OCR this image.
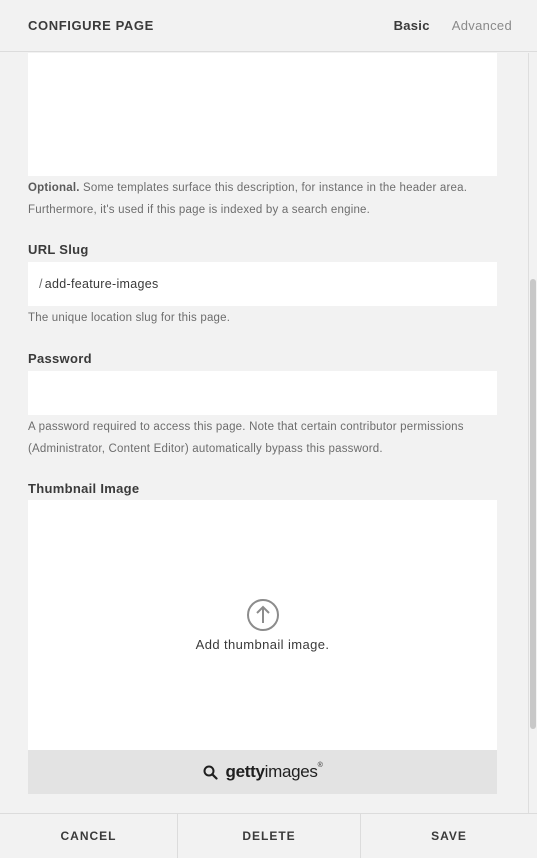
CONFIGURE PAGE	Basic Advanced

Optional. Some templates surface this description, for instance in the header area. Furthermore, it's used if this page is indexed by a search engine.

URL Slug
/ add-feature-images

The unique location slug for this page.

Password

A password required to access this page. Note that certain contributor permissions (Administrator, Content Editor) automatically bypass this password.

Thumbnail Image
Add thumbnail image.
gettyimages®
CANCEL	DELETE	SAVE
